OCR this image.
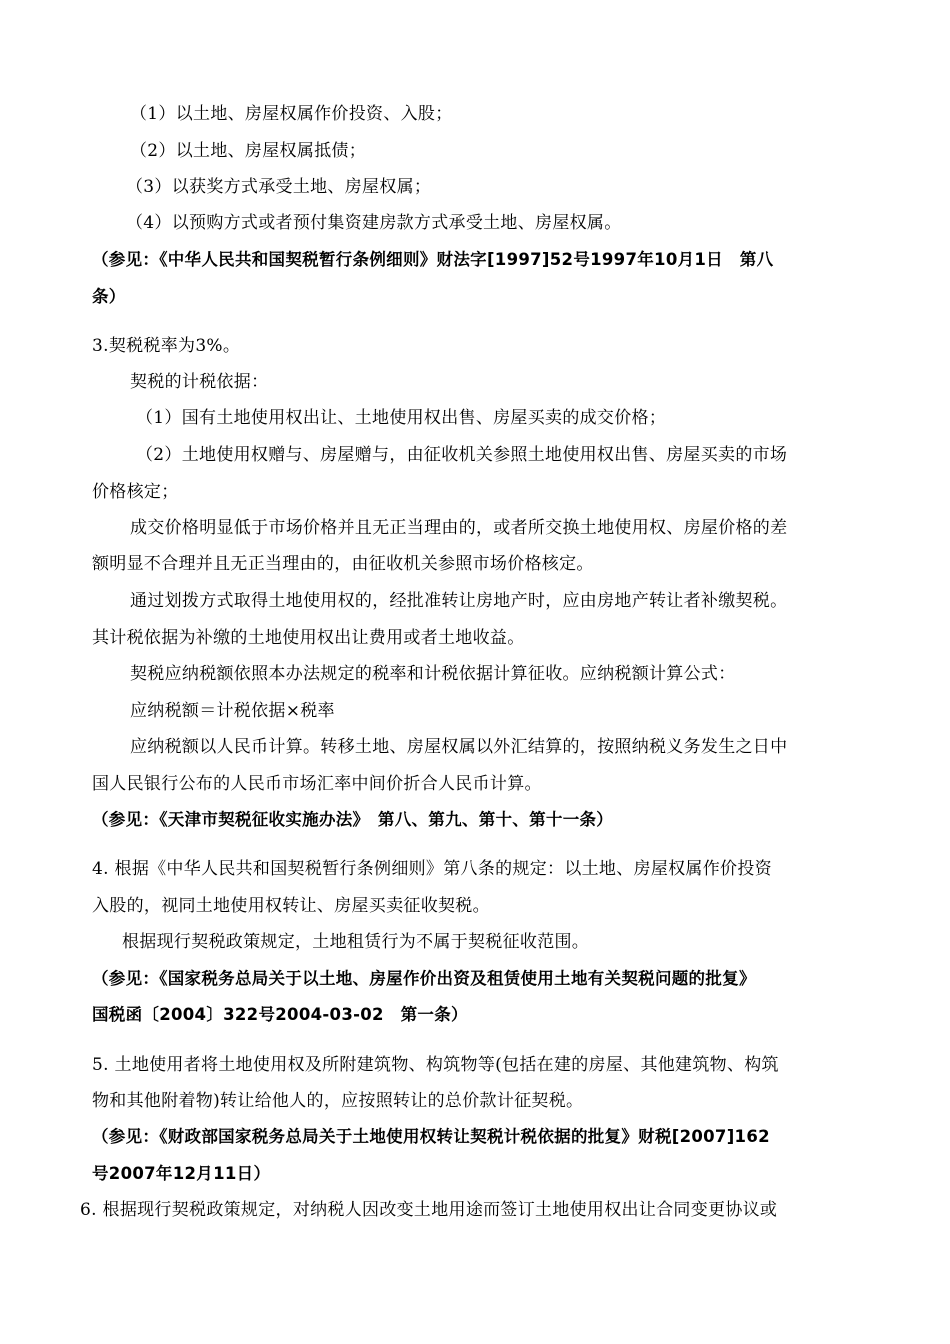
（1）以土地、房屋权属作价投资、入股；
（2）以土地、房屋权属抵债；
（3）以获奖方式承受土地、房屋权属；
（4）以预购方式或者预付集资建房款方式承受土地、房屋权属。
（参见：《中华人民共和国契税暂行条例细则》财法字[1997]52号1997年10月1日　第八
条）
3.契税税率为3%。
契税的计税依据：
（1）国有土地使用权出让、土地使用权出售、房屋买卖的成交价格；
（2）土地使用权赠与、房屋赠与，由征收机关参照土地使用权出售、房屋买卖的市场
价格核定；
成交价格明显低于市场价格并且无正当理由的，或者所交换土地使用权、房屋价格的差
额明显不合理并且无正当理由的，由征收机关参照市场价格核定。
通过划拨方式取得土地使用权的，经批准转让房地产时，应由房地产转让者补缴契税。
其计税依据为补缴的土地使用权出让费用或者土地收益。
契税应纳税额依照本办法规定的税率和计税依据计算征收。应纳税额计算公式：
应纳税额＝计税依据×税率
应纳税额以人民币计算。转移土地、房屋权属以外汇结算的，按照纳税义务发生之日中
国人民银行公布的人民币市场汇率中间价折合人民币计算。
（参见：《天津市契税征收实施办法》　第八、第九、第十、第十一条）
4. 根据《中华人民共和国契税暂行条例细则》第八条的规定：以土地、房屋权属作价投资
入股的，视同土地使用权转让、房屋买卖征收契税。
根据现行契税政策规定，土地租赁行为不属于契税征收范围。
（参见：《国家税务总局关于以土地、房屋作价出资及租赁使用土地有关契税问题的批复》
国税函〔2004〕322号2004-03-02　第一条）
5. 土地使用者将土地使用权及所附建筑物、构筑物等(包括在建的房屋、其他建筑物、构筑
物和其他附着物)转让给他人的，应按照转让的总价款计征契税。
（参见：《财政部国家税务总局关于土地使用权转让契税计税依据的批复》财税[2007]162
号2007年12月11日）
6. 根据现行契税政策规定，对纳税人因改变土地用途而签订土地使用权出让合同变更协议或
